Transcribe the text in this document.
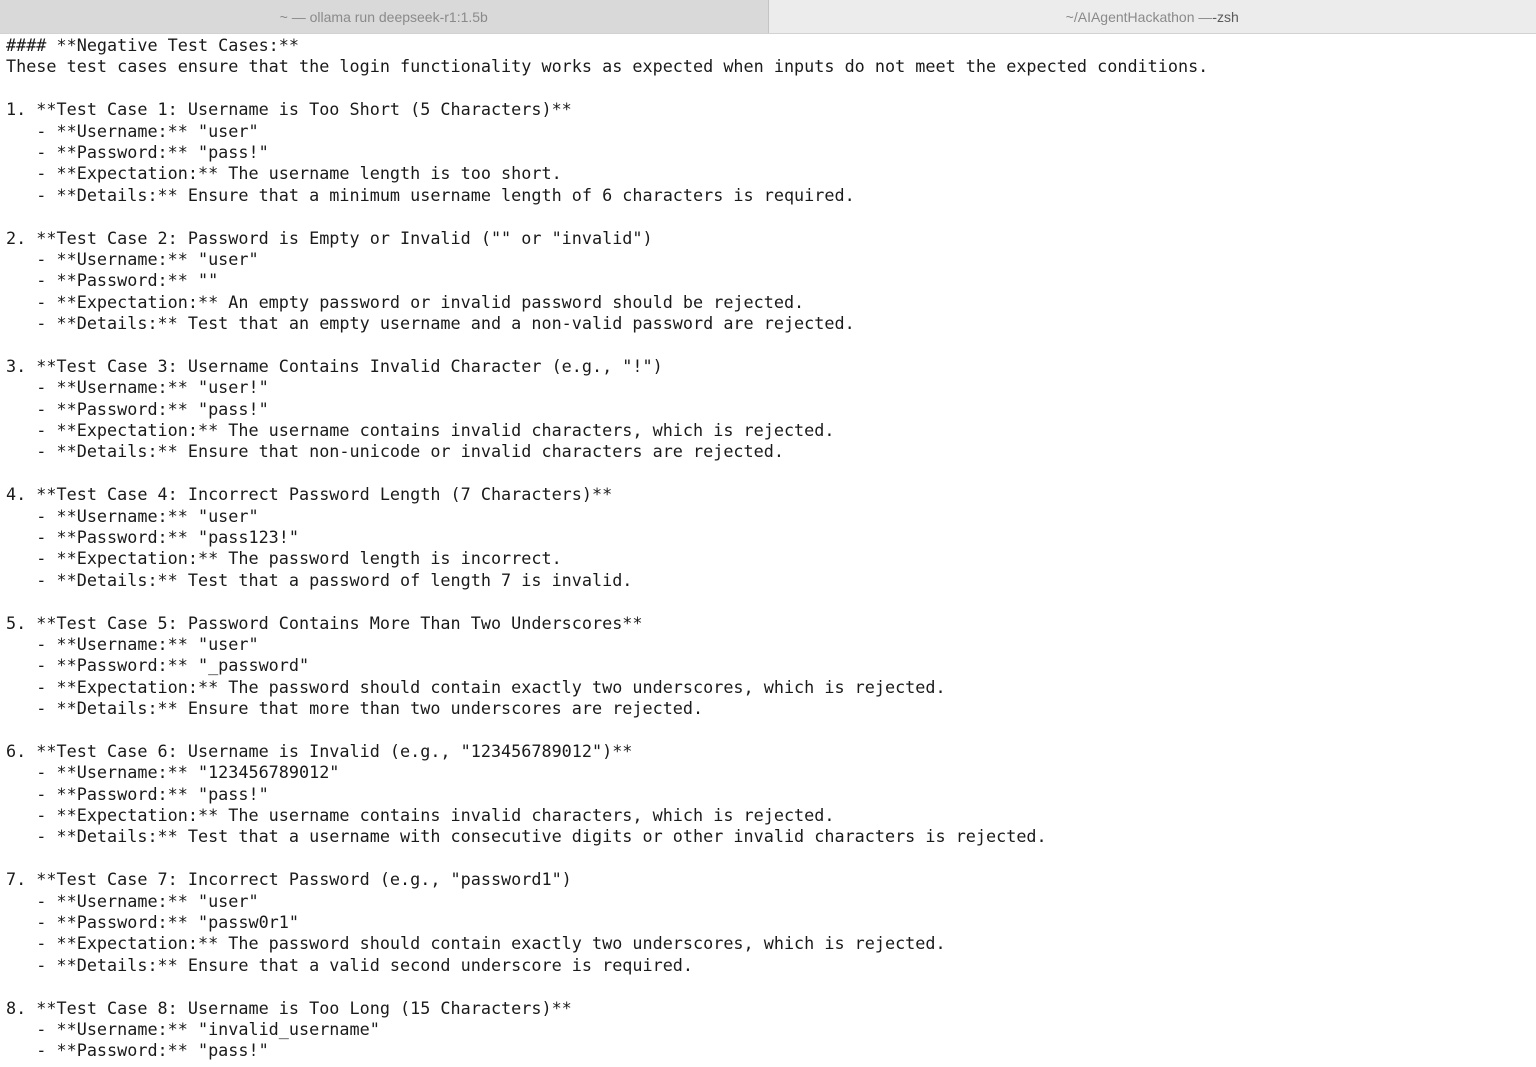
~ — ollama run deepseek-r1:1.5b	~/AIAgentHackathon — -zsh
#### **Negative Test Cases:**
These test cases ensure that the login functionality works as expected when inputs do not meet the expected conditions.
1. **Test Case 1: Username is Too Short (5 Characters)**
- **Username:** "user"
- **Password:** "pass!"
- **Expectation:** The username length is too short.
- **Details:** Ensure that a minimum username length of 6 characters is required.
2. **Test Case 2: Password is Empty or Invalid ("" or "invalid")
- **Username:** "user"
- **Password:** ""
- **Expectation:** An empty password or invalid password should be rejected.
- **Details:** Test that an empty username and a non-valid password are rejected.
3. **Test Case 3: Username Contains Invalid Character (e.g., "!")
- **Username:** "user!"
- **Password:** "pass!"
- **Expectation:** The username contains invalid characters, which is rejected.
- **Details:** Ensure that non-unicode or invalid characters are rejected.
4. **Test Case 4: Incorrect Password Length (7 Characters)**
- **Username:** "user"
- **Password:** "pass123!"
- **Expectation:** The password length is incorrect.
- **Details:** Test that a password of length 7 is invalid.
5. **Test Case 5: Password Contains More Than Two Underscores**
- **Username:** "user"
- **Password:** "_password"
- **Expectation:** The password should contain exactly two underscores, which is rejected.
- **Details:** Ensure that more than two underscores are rejected.
6. **Test Case 6: Username is Invalid (e.g., "123456789012")**
- **Username:** "123456789012"
- **Password:** "pass!"
- **Expectation:** The username contains invalid characters, which is rejected.
- **Details:** Test that a username with consecutive digits or other invalid characters is rejected.
7. **Test Case 7: Incorrect Password (e.g., "password1")
- **Username:** "user"
- **Password:** "passw0r1"
- **Expectation:** The password should contain exactly two underscores, which is rejected.
- **Details:** Ensure that a valid second underscore is required.
8. **Test Case 8: Username is Too Long (15 Characters)**
- **Username:** "invalid_username"
- **Password:** "pass!"
